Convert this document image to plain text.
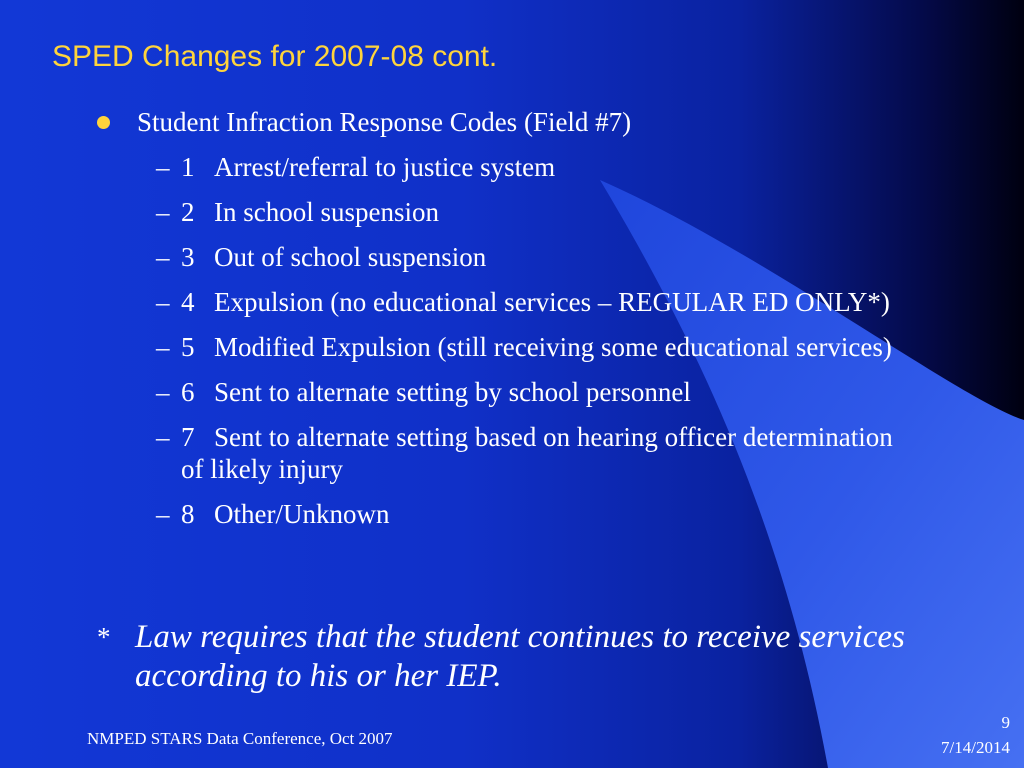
SPED Changes for 2007-08 cont.
Student Infraction Response Codes (Field #7)
– 1 Arrest/referral to justice system
– 2 In school suspension
– 3 Out of school suspension
– 4 Expulsion (no educational services – REGULAR ED ONLY*)
– 5 Modified Expulsion (still receiving some educational services)
– 6 Sent to alternate setting by school personnel
– 7 Sent to alternate setting based on hearing officer determination of likely injury
– 8 Other/Unknown
* Law requires that the student continues to receive services according to his or her IEP.
NMPED STARS Data Conference, Oct 2007
9
7/14/2014
